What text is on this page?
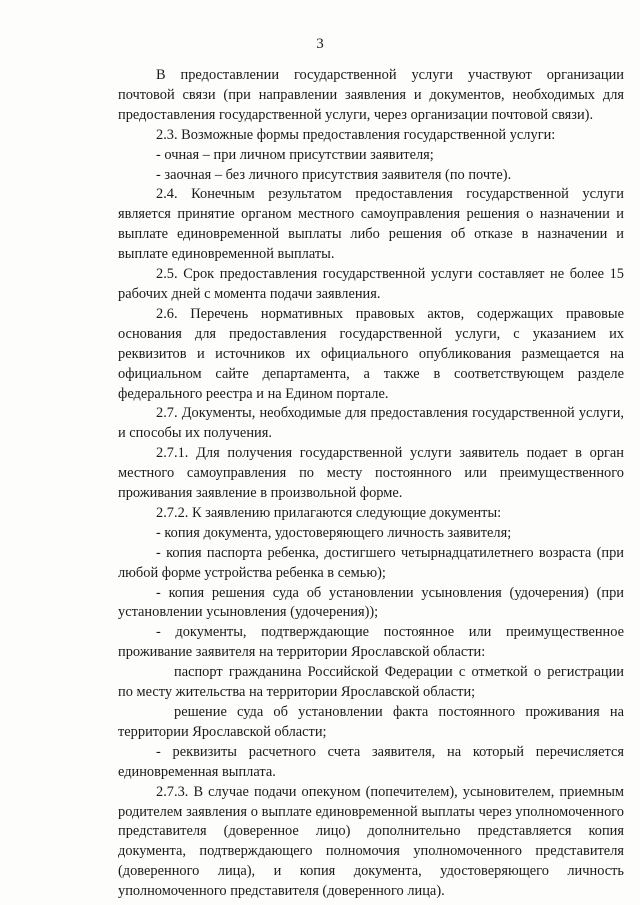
3

В предоставлении государственной услуги участвуют организации почтовой связи (при направлении заявления и документов, необходимых для предоставления государственной услуги, через организации почтовой связи).

2.3. Возможные формы предоставления государственной услуги:

- очная – при личном присутствии заявителя;

- заочная – без личного присутствия заявителя (по почте).

2.4. Конечным результатом предоставления государственной услуги является принятие органом местного самоуправления решения о назначении и выплате единовременной выплаты либо решения об отказе в назначении и выплате единовременной выплаты.

2.5. Срок предоставления государственной услуги составляет не более 15 рабочих дней с момента подачи заявления.

2.6. Перечень нормативных правовых актов, содержащих правовые основания для предоставления государственной услуги, с указанием их реквизитов и источников их официального опубликования размещается на официальном сайте департамента, а также в соответствующем разделе федерального реестра и на Едином портале.

2.7. Документы, необходимые для предоставления государственной услуги, и способы их получения.

2.7.1. Для получения государственной услуги заявитель подает в орган местного самоуправления по месту постоянного или преимущественного проживания заявление в произвольной форме.

2.7.2. К заявлению прилагаются следующие документы:

- копия документа, удостоверяющего личность заявителя;

- копия паспорта ребенка, достигшего четырнадцатилетнего возраста (при любой форме устройства ребенка в семью);

- копия решения суда об установлении усыновления (удочерения) (при установлении усыновления (удочерения));

- документы, подтверждающие постоянное или преимущественное проживание заявителя на территории Ярославской области:

паспорт гражданина Российской Федерации с отметкой о регистрации по месту жительства на территории Ярославской области;

решение суда об установлении факта постоянного проживания на территории Ярославской области;

- реквизиты расчетного счета заявителя, на который перечисляется единовременная выплата.

2.7.3. В случае подачи опекуном (попечителем), усыновителем, приемным родителем заявления о выплате единовременной выплаты через уполномоченного представителя (доверенное лицо) дополнительно представляется копия документа, подтверждающего полномочия уполномоченного представителя (доверенного лица), и копия документа, удостоверяющего личность уполномоченного представителя (доверенного лица).
